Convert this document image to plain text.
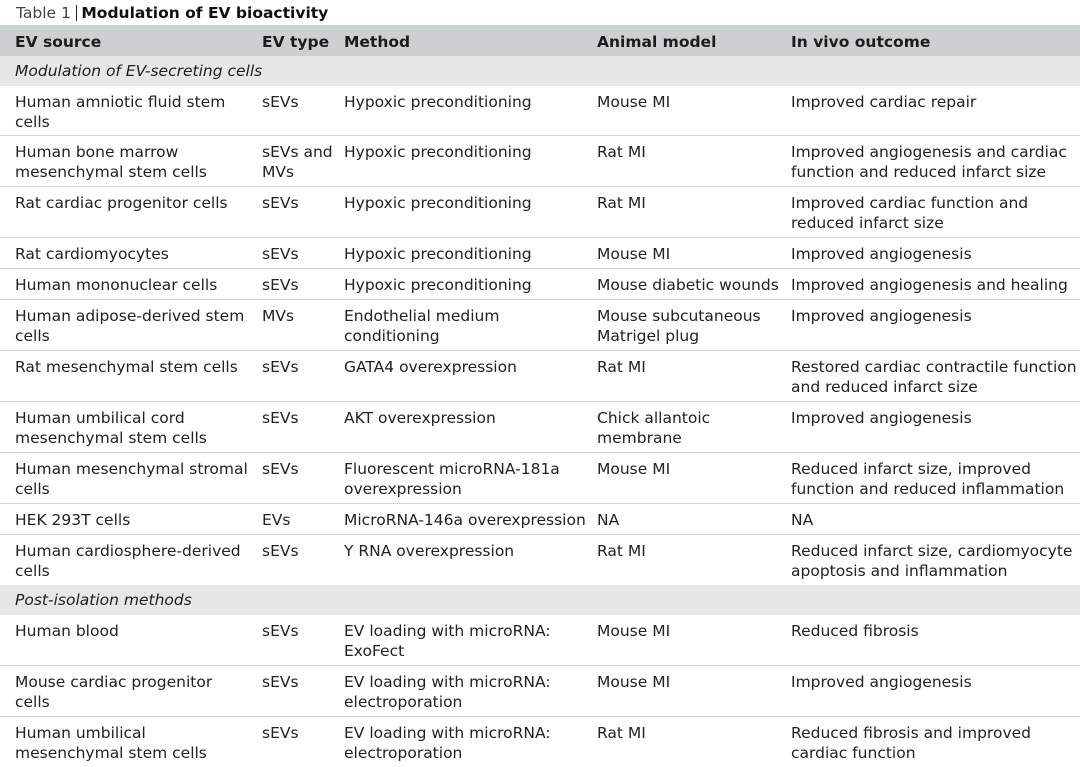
Table 1 Modulation of EV bioactivity
EV source	EV type	Method	Animal model	In vivo outcome
Modulation of EV-secreting cells				
Human amniotic fluid stem cells	sEVs	Hypoxic preconditioning	Mouse MI	Improved cardiac repair
Human bone marrow mesenchymal stem cells	sEVs and MVs	Hypoxic preconditioning	Rat MI	Improved angiogenesis and cardiac function and reduced infarct size
Rat cardiac progenitor cells	sEVs	Hypoxic preconditioning	Rat MI	Improved cardiac function and reduced infarct size
Rat cardiomyocytes	sEVs	Hypoxic preconditioning	Mouse MI	Improved angiogenesis
Human mononuclear cells	sEVs	Hypoxic preconditioning	Mouse diabetic wounds	Improved angiogenesis and healing
Human adipose-derived stem cells	MVs	Endothelial medium conditioning	Mouse subcutaneous Matrigel plug	Improved angiogenesis
Rat mesenchymal stem cells	sEVs	GATA4 overexpression	Rat MI	Restored cardiac contractile function and reduced infarct size
Human umbilical cord mesenchymal stem cells	sEVs	AKT overexpression	Chick allantoic membrane	Improved angiogenesis
Human mesenchymal stromal cells	sEVs	Fluorescent microRNA-181a overexpression	Mouse MI	Reduced infarct size, improved function and reduced inflammation
HEK 293T cells	EVs	MicroRNA-146a overexpression	NA	NA
Human cardiosphere-derived cells	sEVs	Y RNA overexpression	Rat MI	Reduced infarct size, cardiomyocyte apoptosis and inflammation
Post-isolation methods				
Human blood	sEVs	EV loading with microRNA: ExoFect	Mouse MI	Reduced fibrosis
Mouse cardiac progenitor cells	sEVs	EV loading with microRNA: electroporation	Mouse MI	Improved angiogenesis
Human umbilical mesenchymal stem cells	sEVs	EV loading with microRNA: electroporation	Rat MI	Reduced fibrosis and improved cardiac function
